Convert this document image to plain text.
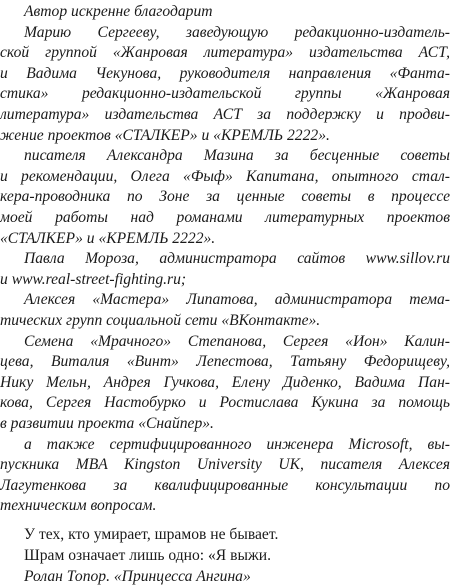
Автор искренне благодарит
Марию Сергееву, заведующую редакционно-издатель-
ской группой «Жанровая литература» издательства АСТ,
и Вадима Чекунова, руководителя направления «Фанта-
стика» редакционно-издательской группы «Жанровая
литература» издательства АСТ за поддержку и продви-
жение проектов «СТАЛКЕР» и «КРЕМЛЬ 2222».
писателя Александра Мазина за бесценные советы
и рекомендации, Олега «Фыф» Капитана, опытного стал-
кера-проводника по Зоне за ценные советы в процессе
моей работы над романами литературных проектов
«СТАЛКЕР» и «КРЕМЛЬ 2222».
Павла Мороза, администратора сайтов www.sillov.ru
и www.real-street-fighting.ru;
Алексея «Мастера» Липатова, администратора тема-
тических групп социальной сети «ВКонтакте».
Семена «Мрачного» Степанова, Сергея «Ион» Калин-
цева, Виталия «Винт» Лепестова, Татьяну Федорищеву,
Нику Мельн, Андрея Гучкова, Елену Диденко, Вадима Пан-
кова, Сергея Настобурко и Ростислава Кукина за помощь
в развитии проекта «Снайпер».
а также сертифицированного инженера Microsoft, вы-
пускника MBA Kingston University UK, писателя Алексея
Лагутенкова за квалифицированные консультации по
техническим вопросам.
У тех, кто умирает, шрамов не бывает.
Шрам означает лишь одно: «Я выжи.
Ролан Топор. «Принцесса Ангина»
